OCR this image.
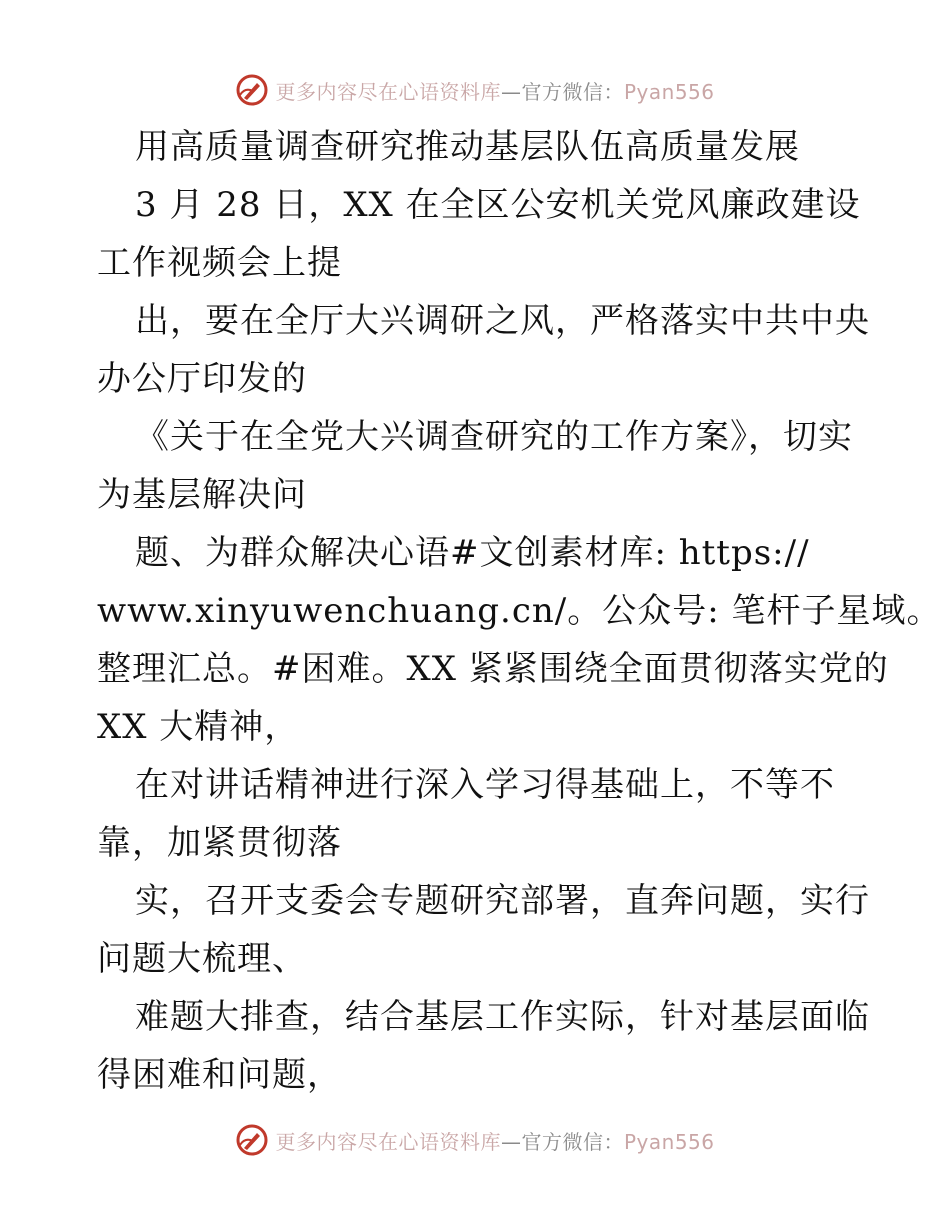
更多内容尽在心语资料库—官方微信：Pyan556
用高质量调查研究推动基层队伍高质量发展
3 月 28 日，XX 在全区公安机关党风廉政建设
工作视频会上提
出，要在全厅大兴调研之风，严格落实中共中央
办公厅印发的
《关于在全党大兴调查研究的工作方案》，切实
为基层解决问
题、为群众解决心语#文创素材库: https://
www.xinyuwenchuang.cn/。公众号: 笔杆子星域。
整理汇总。#困难。XX 紧紧围绕全面贯彻落实党的
XX 大精神，
在对讲话精神进行深入学习得基础上，不等不
靠，加紧贯彻落
实，召开支委会专题研究部署，直奔问题，实行
问题大梳理、
难题大排查，结合基层工作实际，针对基层面临
得困难和问题，
更多内容尽在心语资料库—官方微信：Pyan556
